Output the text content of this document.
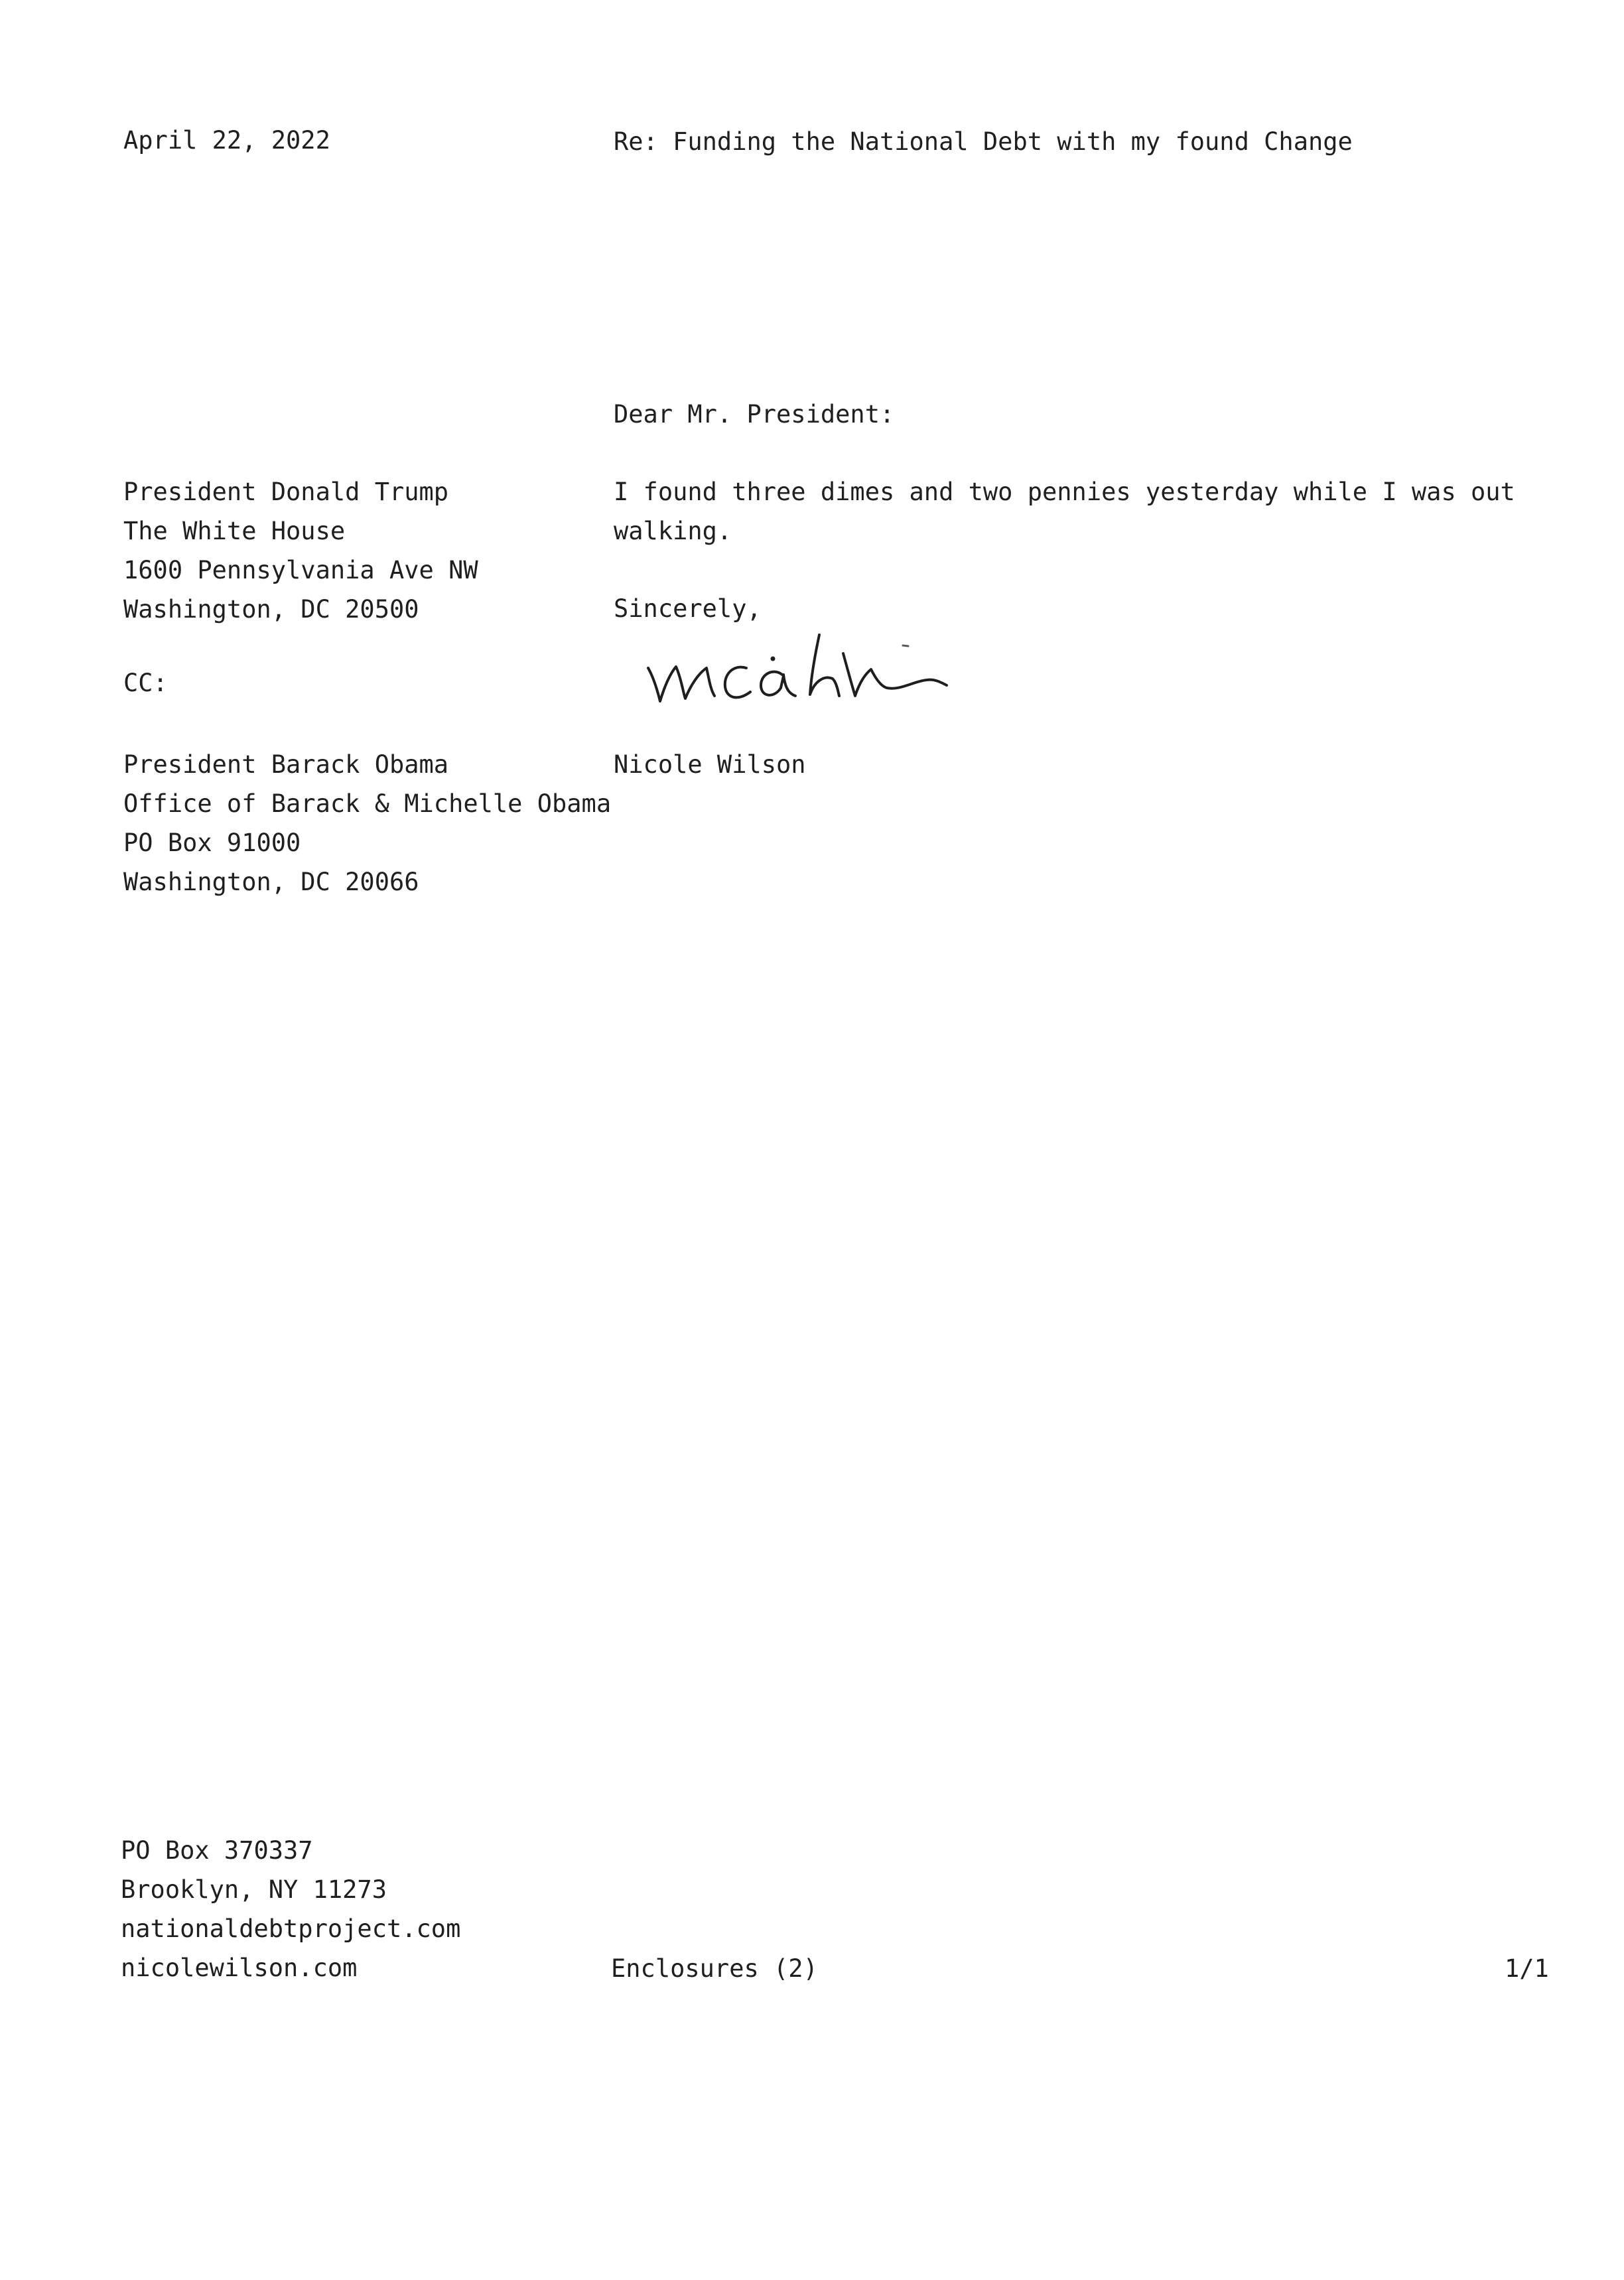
April 22, 2022	Re: Funding the National Debt with my found Change
Dear Mr. President:
President Donald Trump
The White House
1600 Pennsylvania Ave NW
Washington, DC 20500
I found three dimes and two pennies yesterday while I was out
walking.
Sincerely,
CC:
Nicole Wilson
President Barack Obama
Office of Barack & Michelle Obama
PO Box 91000
Washington, DC 20066
PO Box 370337
Brooklyn, NY 11273
nationaldebtproject.com
nicolewilson.com	Enclosures (2)	1/1
